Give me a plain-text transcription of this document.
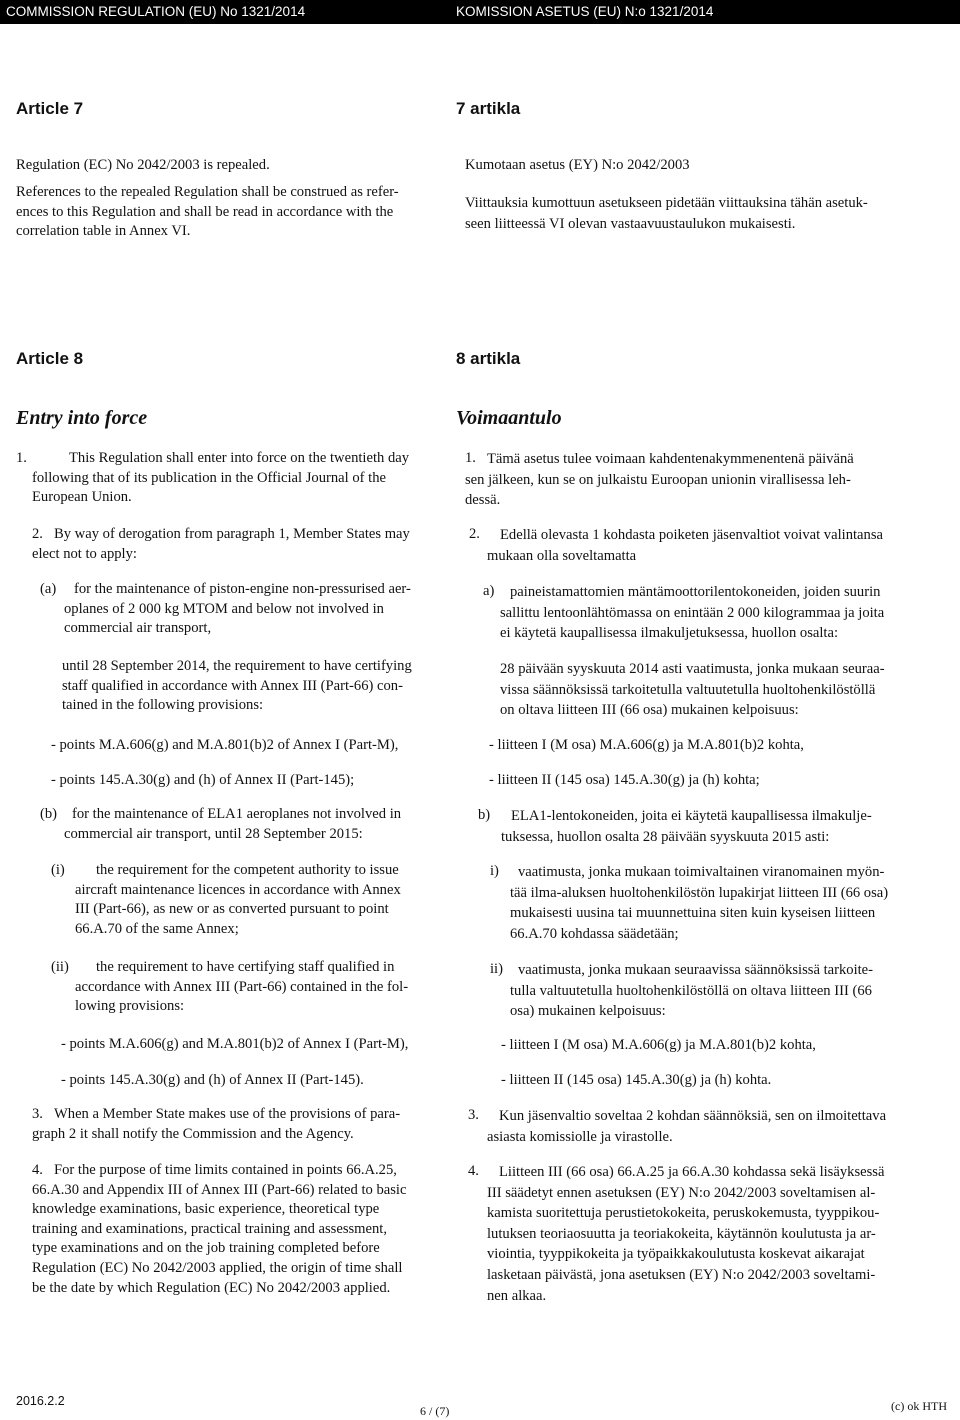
COMMISSION REGULATION (EU) No 1321/2014	KOMISSION ASETUS (EU) N:o 1321/2014
Article 7

Regulation (EC) No 2042/2003 is repealed.

References to the repealed Regulation shall be construed as refer-
ences to this Regulation and shall be read in accordance with the
correlation table in Annex VI.
Article 8
Entry into force
1.	This Regulation shall enter into force on the twentieth day
following that of its publication in the Official Journal of the
European Union.
2. By way of derogation from paragraph 1, Member States may
elect not to apply:
(a)	for the maintenance of piston-engine non-pressurised aer-
oplanes of 2 000 kg MTOM and below not involved in
commercial air transport,
until 28 September 2014, the requirement to have certifying
staff qualified in accordance with Annex III (Part-66) con-
tained in the following provisions:

- points M.A.606(g) and M.A.801(b)2 of Annex I (Part-M),

- points 145.A.30(g) and (h) of Annex II (Part-145);

(b)	for the maintenance of ELA1 aeroplanes not involved in
commercial air transport, until 28 September 2015:
(i)	the requirement for the competent authority to issue
aircraft maintenance licences in accordance with Annex
III (Part-66), as new or as converted pursuant to point
66.A.70 of the same Annex;
(ii)	the requirement to have certifying staff qualified in
accordance with Annex III (Part-66) contained in the fol-
lowing provisions:

- points M.A.606(g) and M.A.801(b)2 of Annex I (Part-M),

- points 145.A.30(g) and (h) of Annex II (Part-145).

3. When a Member State makes use of the provisions of para-
graph 2 it shall notify the Commission and the Agency.
4. For the purpose of time limits contained in points 66.A.25,
66.A.30 and Appendix III of Annex III (Part-66) related to basic
knowledge examinations, basic experience, theoretical type
training and examinations, practical training and assessment,
type examinations and on the job training completed before
Regulation (EC) No 2042/2003 applied, the origin of time shall
be the date by which Regulation (EC) No 2042/2003 applied.
7 artikla

Kumotaan asetus (EY) N:o 2042/2003

Viittauksia kumottuun asetukseen pidetään viittauksina tähän asetuk-
seen liitteessä VI olevan vastaavuustaulukon mukaisesti.
8 artikla
Voimaantulo
1. Tämä asetus tulee voimaan kahdentenakymmenentenä päivänä
sen jälkeen, kun se on julkaistu Euroopan unionin virallisessa leh-
dessä.
2.	Edellä olevasta 1 kohdasta poiketen jäsenvaltiot voivat valintansa
mukaan olla soveltamatta
a)	paineistamattomien mäntämoottorilentokoneiden, joiden suurin
sallittu lentoonlähtömassa on enintään 2 000 kilogrammaa ja joita
ei käytetä kaupallisessa ilmakuljetuksessa, huollon osalta:
28 päivään syyskuuta 2014 asti vaatimusta, jonka mukaan seuraa-
vissa säännöksissä tarkoitetulla valtuutetulla huoltohenkilöstöllä
on oltava liitteen III (66 osa) mukainen kelpoisuus:

- liitteen I (M osa) M.A.606(g) ja M.A.801(b)2 kohta,

- liitteen II (145 osa) 145.A.30(g) ja (h) kohta;

b)	ELA1-lentokoneiden, joita ei käytetä kaupallisessa ilmakulje-
tuksessa, huollon osalta 28 päivään syyskuuta 2015 asti:
i)	vaatimusta, jonka mukaan toimivaltainen viranomainen myön-
tää ilma-aluksen huoltohenkilöstön lupakirjat liitteen III (66 osa)
mukaisesti uusina tai muunnettuina siten kuin kyseisen liitteen
66.A.70 kohdassa säädetään;
ii)	vaatimusta, jonka mukaan seuraavissa säännöksissä tarkoite-
tulla valtuutetulla huoltohenkilöstöllä on oltava liitteen III (66
osa) mukainen kelpoisuus:

- liitteen I (M osa) M.A.606(g) ja M.A.801(b)2 kohta,

- liitteen II (145 osa) 145.A.30(g) ja (h) kohta.

3.	Kun jäsenvaltio soveltaa 2 kohdan säännöksiä, sen on ilmoitettava
asiasta komissiolle ja virastolle.
4.	Liitteen III (66 osa) 66.A.25 ja 66.A.30 kohdassa sekä lisäyksessä
III säädetyt ennen asetuksen (EY) N:o 2042/2003 soveltamisen al-
kamista suoritettuja perustietokokeita, peruskokemusta, tyyppikou-
lutuksen teoriaosuutta ja teoriakokeita, käytännön koulutusta ja ar-
viointia, tyyppikokeita ja työpaikkakoulutusta koskevat aikarajat
lasketaan päivästä, jona asetuksen (EY) N:o 2042/2003 soveltami-
nen alkaa.
2016.2.2
6 / (7)	(c) ok HTH
